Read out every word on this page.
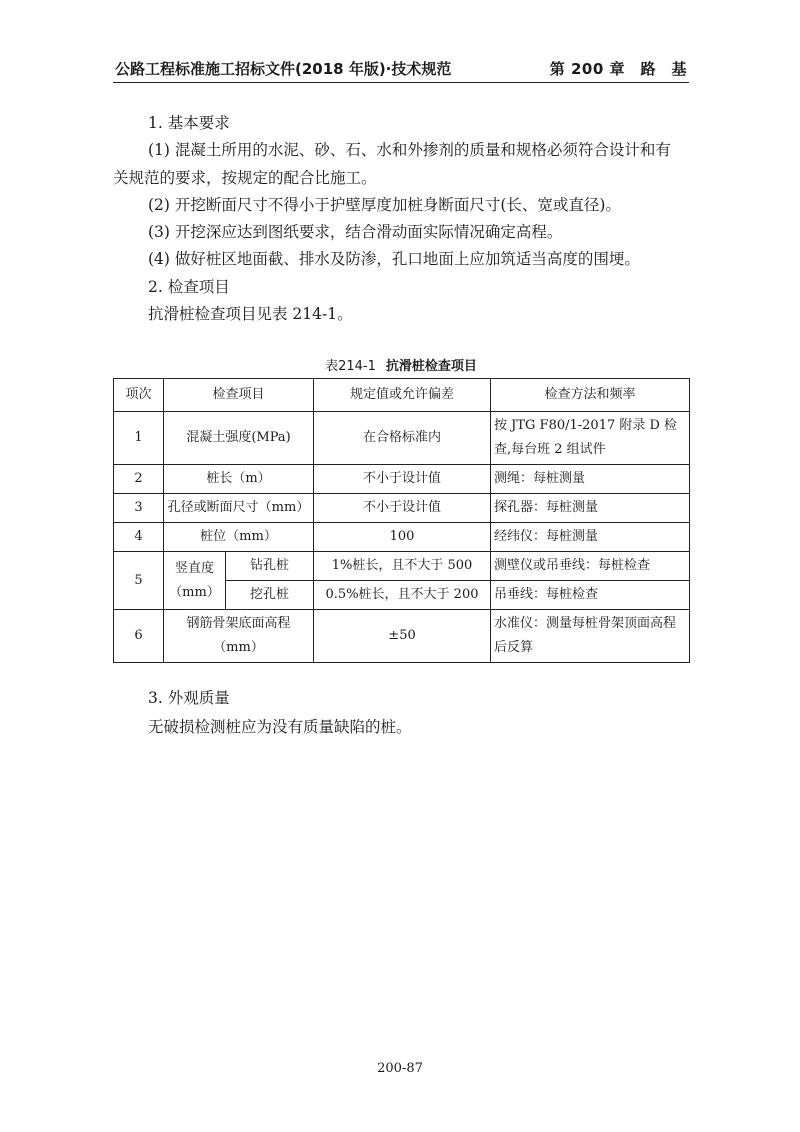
公路工程标准施工招标文件(2018 年版)·技术规范	第 200 章　路　基

1. 基本要求

(1) 混凝土所用的水泥、砂、石、水和外掺剂的质量和规格必须符合设计和有

关规范的要求，按规定的配合比施工。

(2) 开挖断面尺寸不得小于护壁厚度加桩身断面尺寸(长、宽或直径)。

(3) 开挖深应达到图纸要求，结合滑动面实际情况确定高程。

(4) 做好桩区地面截、排水及防渗，孔口地面上应加筑适当高度的围埂。

2. 检查项目

抗滑桩检查项目见表 214-1。

表214-1 抗滑桩检查项目
项次	检查项目		规定值或允许偏差	检查方法和频率
1	混凝土强度(MPa)		在合格标准内	按 JTG F80/1-2017 附录 D 检查,每台班 2 组试件
2	桩长（m）		不小于设计值	测绳：每桩测量
3	孔径或断面尺寸（mm）		不小于设计值	探孔器：每桩测量
4	桩位（mm）		100	经纬仪：每桩测量
5	竖直度
（mm）	钻孔桩	1%桩长，且不大于 500	测壁仪或吊垂线：每桩检查
		挖孔桩	0.5%桩长，且不大于 200	吊垂线：每桩检查
6	钢筋骨架底面高程
（mm）		±50	水准仪：测量每桩骨架顶面高程后反算

3. 外观质量

无破损检测桩应为没有质量缺陷的桩。

200-87
